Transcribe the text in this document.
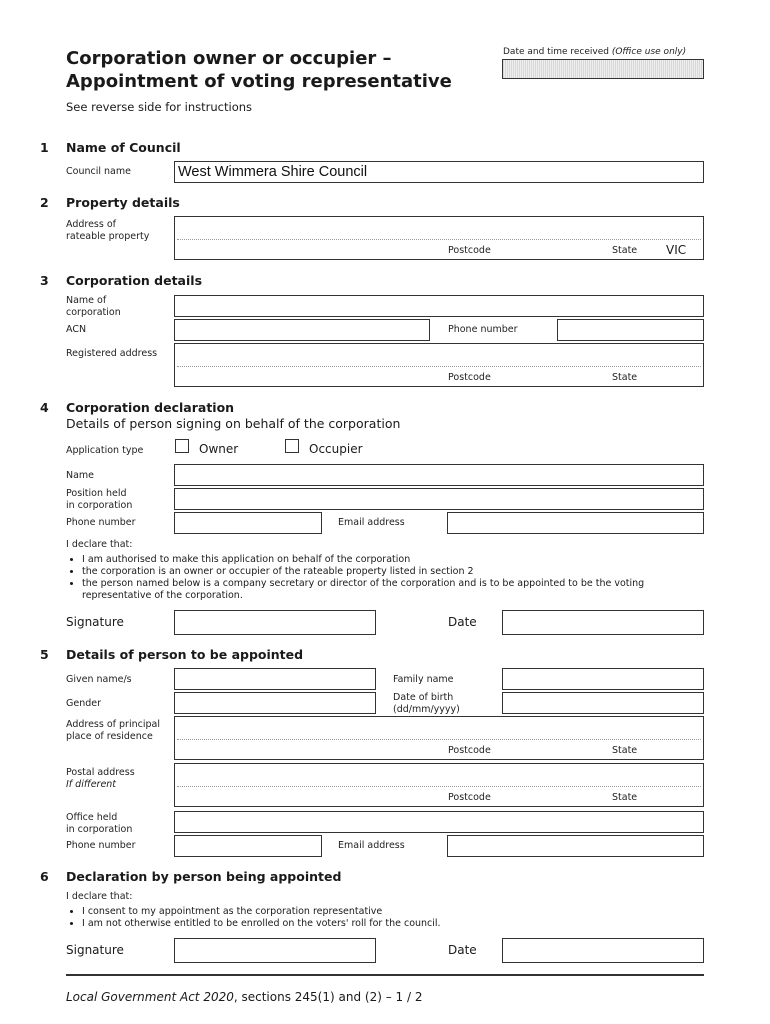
Corporation owner or occupier –
Appointment of voting representative
See reverse side for instructions
Date and time received (Office use only)
1 Name of Council
Council name	West Wimmera Shire Council
2 Property details
Address of
rateable property
Postcode	State VIC
3 Corporation details
Name of
corporation
ACN	Phone number
Registered address
Postcode	State
4 Corporation declaration
Details of person signing on behalf of the corporation
Application type	Owner	Occupier
Name
Position held
in corporation
Phone number	Email address
I declare that:
• I am authorised to make this application on behalf of the corporation
• the corporation is an owner or occupier of the rateable property listed in section 2
• the person named below is a company secretary or director of the corporation and is to be appointed to be the voting representative of the corporation.
Signature	Date
5 Details of person to be appointed
Given name/s	Family name
Gender
Date of birth
(dd/mm/yyyy)
Address of principal
place of residence
Postcode	State
Postal address
If different
Postcode	State
Office held
in corporation
Phone number	Email address
6 Declaration by person being appointed
I declare that:
• I consent to my appointment as the corporation representative
• I am not otherwise entitled to be enrolled on the voters' roll for the council.
Signature	Date
Local Government Act 2020, sections 245(1) and (2) – 1 / 2
